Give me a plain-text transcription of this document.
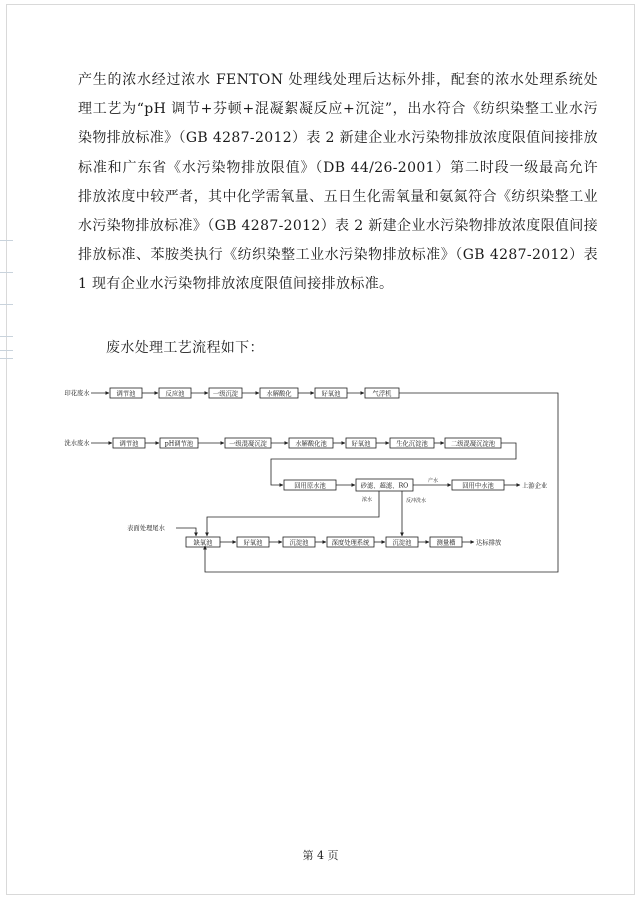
产生的浓水经过浓水 FENTON 处理线处理后达标外排，配套的浓水处理系统处理工艺为“pH 调节+芬顿+混凝絮凝反应+沉淀”，出水符合《纺织染整工业水污染物排放标准》（GB 4287-2012）表 2 新建企业水污染物排放浓度限值间接排放标准和广东省《水污染物排放限值》（DB 44/26-2001）第二时段一级最高允许排放浓度中较严者，其中化学需氧量、五日生化需氧量和氨氮符合《纺织染整工业水污染物排放标准》（GB 4287-2012）表 2 新建企业水污染物排放浓度限值间接排放标准、苯胺类执行《纺织染整工业水污染物排放标准》（GB 4287-2012）表 1 现有企业水污染物排放浓度限值间接排放标准。

废水处理工艺流程如下：

印花废水	调节池	反应池	一级沉淀	水解酸化	好氧池	气浮机
洗水废水	调节池	pH调节池	一级混凝沉淀	水解酸化池	好氧池	生化沉淀池	二级混凝沉淀池
回用原水池	砂滤、超滤、RO	回用中水池
产水
浓水	反冲洗水
表面处理尾水
缺氧池	好氧池	沉淀池	深度处理系统	沉淀池	测量槽
上游企业
达标排放
第 4 页
